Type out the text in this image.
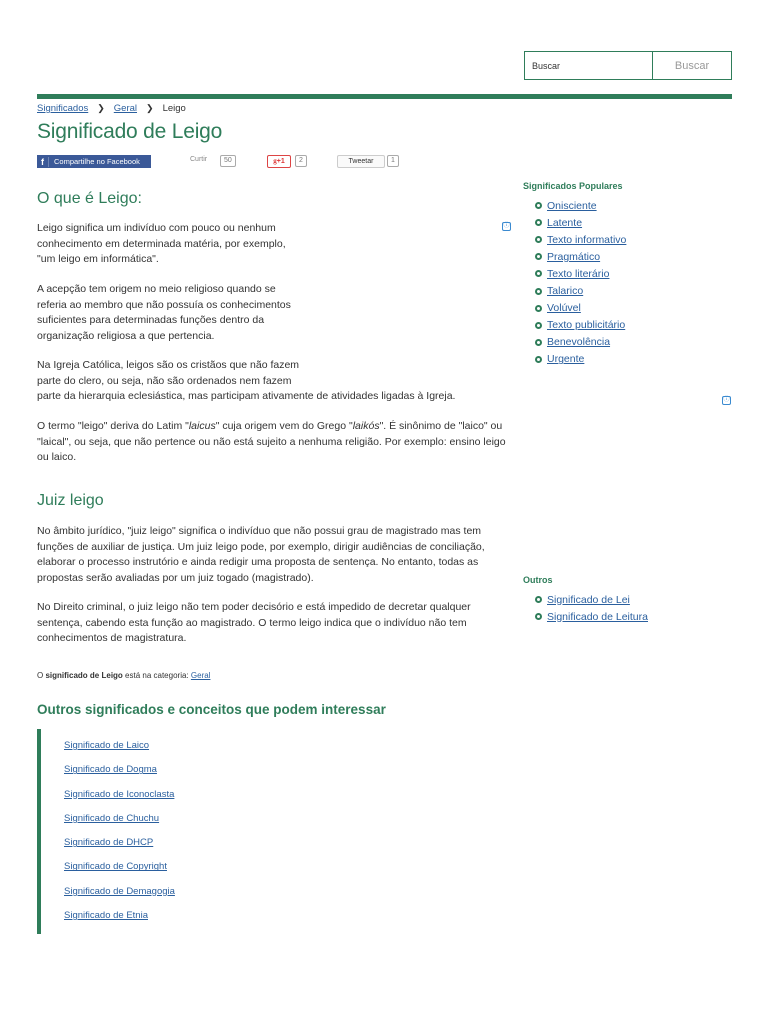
Buscar
Buscar
Significados ❯ Geral ❯ Leigo
Significado de Leigo
f	Compartilhe no Facebook	Curtir	50	g+1	2	Tweetar	1
O que é Leigo:
Leigo significa um indivíduo com pouco ou nenhum
conhecimento em determinada matéria, por exemplo,
"um leigo em informática".
A acepção tem origem no meio religioso quando se
referia ao membro que não possuía os conhecimentos
suficientes para determinadas funções dentro da
organização religiosa a que pertencia.
Na Igreja Católica, leigos são os cristãos que não fazem
parte do clero, ou seja, não são ordenados nem fazem
parte da hierarquia eclesiástica, mas participam ativamente de atividades ligadas à Igreja.
O termo "leigo" deriva do Latim "laicus" cuja origem vem do Grego "laikós". É sinônimo de "laico" ou
"laical", ou seja, que não pertence ou não está sujeito a nenhuma religião. Por exemplo: ensino leigo
ou laico.
Juiz leigo
No âmbito jurídico, "juiz leigo" significa o indivíduo que não possui grau de magistrado mas tem
funções de auxiliar de justiça. Um juiz leigo pode, por exemplo, dirigir audiências de conciliação,
elaborar o processo instrutório e ainda redigir uma proposta de sentença. No entanto, todas as
propostas serão avaliadas por um juiz togado (magistrado).
No Direito criminal, o juiz leigo não tem poder decisório e está impedido de decretar qualquer
sentença, cabendo esta função ao magistrado. O termo leigo indica que o indivíduo não tem
conhecimentos de magistratura.
O significado de Leigo está na categoria: Geral
Outros significados e conceitos que podem interessar
Significado de Laico
Significado de Dogma
Significado de Iconoclasta
Significado de Chuchu
Significado de DHCP
Significado de Copyright
Significado de Demagogia
Significado de Etnia
ⓘ
ⓘ
Significados Populares
Onisciente
Latente
Texto informativo
Pragmático
Texto literário
Talarico
Volúvel
Texto publicitário
Benevolência
Urgente
Outros
Significado de Lei
Significado de Leitura
